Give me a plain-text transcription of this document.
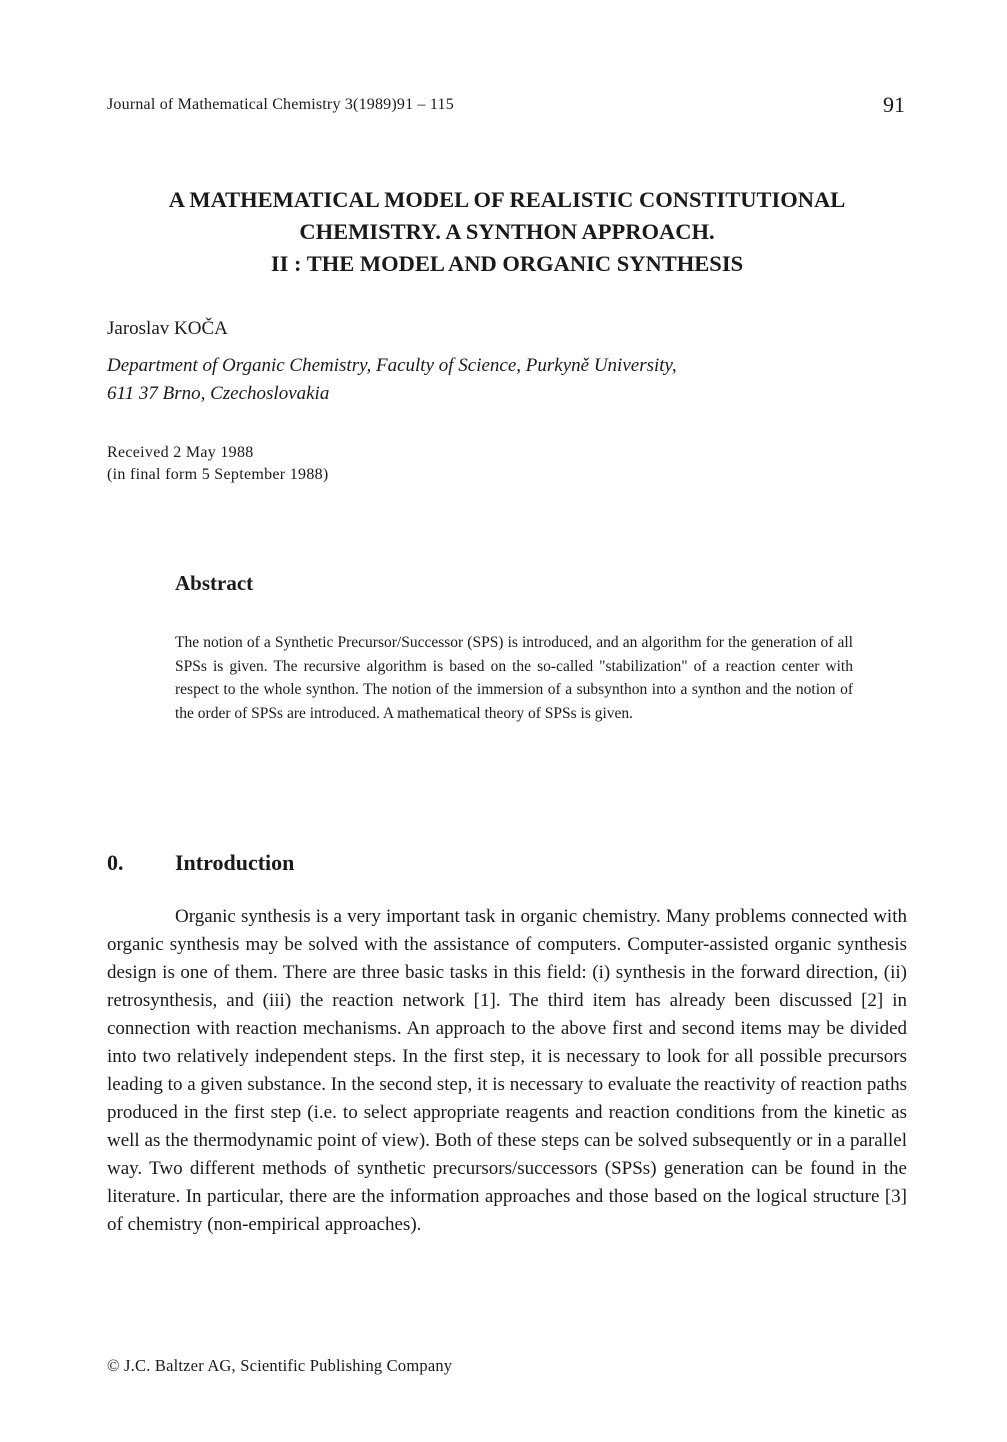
Journal of Mathematical Chemistry 3(1989)91 – 115	91
A MATHEMATICAL MODEL OF REALISTIC CONSTITUTIONAL
CHEMISTRY. A SYNTHON APPROACH.
II : THE MODEL AND ORGANIC SYNTHESIS
Jaroslav KOČA
Department of Organic Chemistry, Faculty of Science, Purkyně University,
611 37 Brno, Czechoslovakia
Received 2 May 1988
(in final form 5 September 1988)
Abstract
The notion of a Synthetic Precursor/Successor (SPS) is introduced, and an algorithm for the generation of all SPSs is given. The recursive algorithm is based on the so-called "stabilization" of a reaction center with respect to the whole synthon. The notion of the immersion of a subsynthon into a synthon and the notion of the order of SPSs are introduced. A mathematical theory of SPSs is given.
0. Introduction
Organic synthesis is a very important task in organic chemistry. Many problems connected with organic synthesis may be solved with the assistance of computers. Computer-assisted organic synthesis design is one of them. There are three basic tasks in this field: (i) synthesis in the forward direction, (ii) retrosynthesis, and (iii) the reaction network [1]. The third item has already been discussed [2] in connection with reaction mechanisms. An approach to the above first and second items may be divided into two relatively independent steps. In the first step, it is necessary to look for all possible precursors leading to a given substance. In the second step, it is necessary to evaluate the reactivity of reaction paths produced in the first step (i.e. to select appropriate reagents and reaction conditions from the kinetic as well as the thermodynamic point of view). Both of these steps can be solved subsequently or in a parallel way. Two different methods of synthetic precursors/successors (SPSs) generation can be found in the literature. In particular, there are the information approaches and those based on the logical structure [3] of chemistry (non-empirical approaches).
© J.C. Baltzer AG, Scientific Publishing Company
